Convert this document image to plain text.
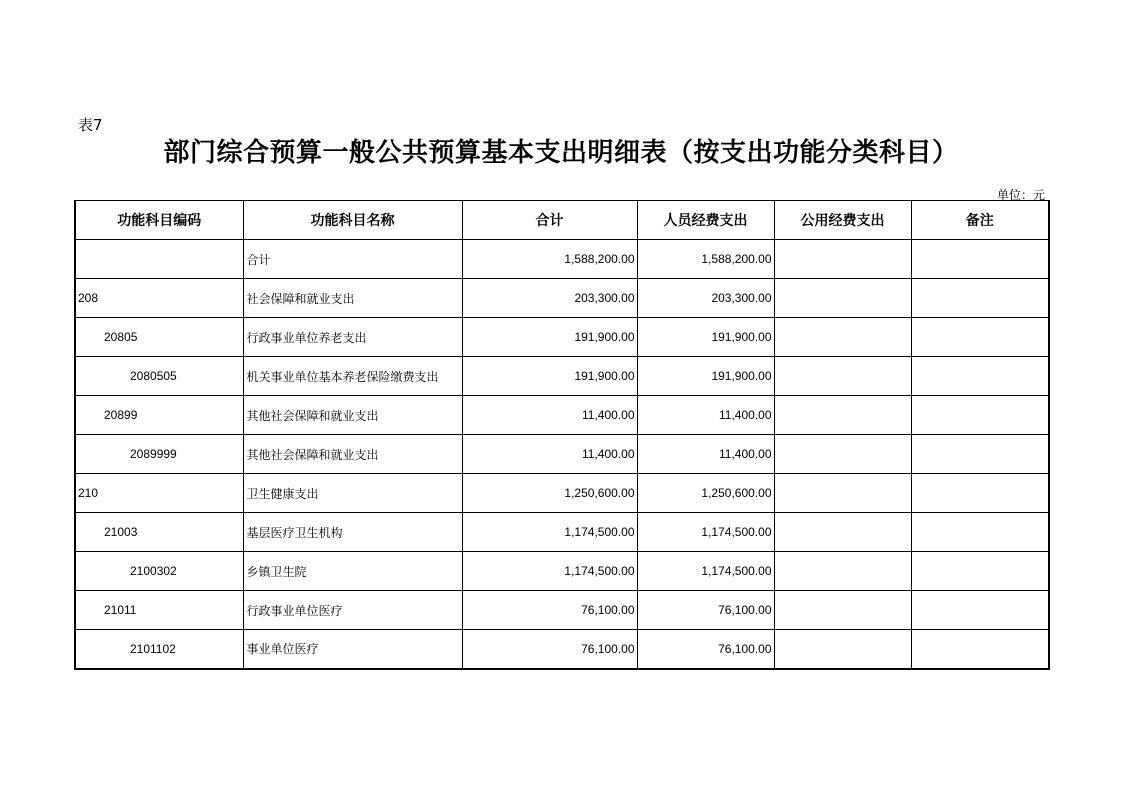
表7
部门综合预算一般公共预算基本支出明细表（按支出功能分类科目）
单位：元
功能科目编码	功能科目名称	合计	人员经费支出	公用经费支出	备注
	合计	1,588,200.00	1,588,200.00		
208	社会保障和就业支出	203,300.00	203,300.00		
20805	行政事业单位养老支出	191,900.00	191,900.00		
2080505	机关事业单位基本养老保险缴费支出	191,900.00	191,900.00		
20899	其他社会保障和就业支出	11,400.00	11,400.00		
2089999	其他社会保障和就业支出	11,400.00	11,400.00		
210	卫生健康支出	1,250,600.00	1,250,600.00		
21003	基层医疗卫生机构	1,174,500.00	1,174,500.00		
2100302	乡镇卫生院	1,174,500.00	1,174,500.00		
21011	行政事业单位医疗	76,100.00	76,100.00		
2101102	事业单位医疗	76,100.00	76,100.00		
